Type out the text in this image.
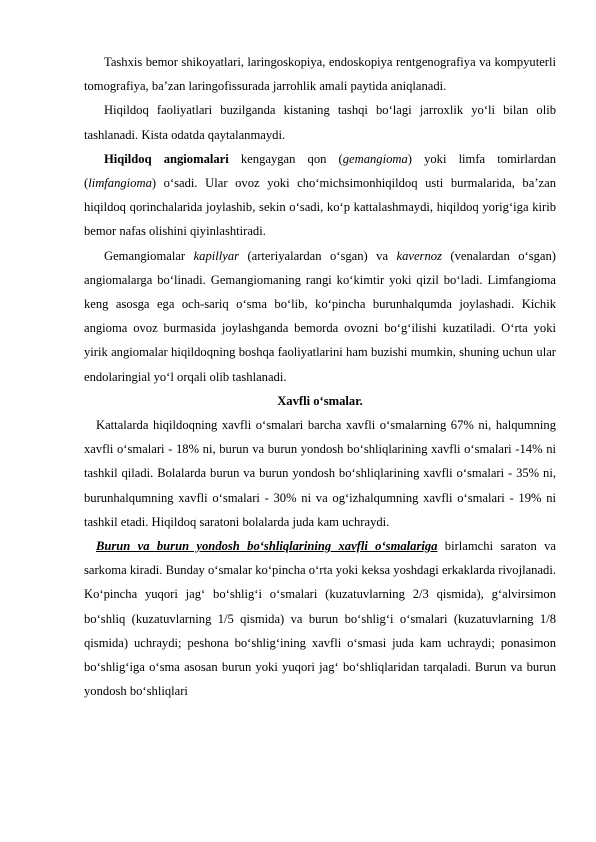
Tashxis bemor shikoyatlari, laringoskopiya, endoskopiya rentgenografiya va kompyuterli tomografiya, ba’zan laringofissurada jarrohlik amali paytida aniqlanadi.

Hiqildoq faoliyatlari buzilganda kistaning tashqi bo‘lagi jarroxlik yo‘li bilan olib tashlanadi. Kista odatda qaytalanmaydi.

Hiqildoq angiomalari kengaygan qon (gemangioma) yoki limfa tomirlardan (limfangioma) o‘sadi. Ular ovoz yoki cho‘michsimonhiqildoq usti burmalarida, ba’zan hiqildoq qorinchalarida joylashib, sekin o‘sadi, ko‘p kattalashmaydi, hiqildoq yorig‘iga kirib bemor nafas olishini qiyinlashtiradi.

Gemangiomalar kapillyar (arteriyalardan o‘sgan) va kavernoz (venalardan o‘sgan) angiomalarga bo‘linadi. Gemangiomaning rangi ko‘kimtir yoki qizil bo‘ladi. Limfangioma keng asosga ega och-sariq o‘sma bo‘lib, ko‘pincha burunhalqumda joylashadi. Kichik angioma ovoz burmasida joylashganda bemorda ovozni bo‘g‘ilishi kuzatiladi. O‘rta yoki yirik angiomalar hiqildoqning boshqa faoliyatlarini ham buzishi mumkin, shuning uchun ular endolaringial yo‘l orqali olib tashlanadi.

Xavfli o‘smalar.

Kattalarda hiqildoqning xavfli o‘smalari barcha xavfli o‘smalarning 67% ni, halqumning xavfli o‘smalari - 18% ni, burun va burun yondosh bo‘shliqlarining xavfli o‘smalari -14% ni tashkil qiladi. Bolalarda burun va burun yondosh bo‘shliqlarining xavfli o‘smalari - 35% ni, burunhalqumning xavfli o‘smalari - 30% ni va og‘izhalqumning xavfli o‘smalari - 19% ni tashkil etadi. Hiqildoq saratoni bolalarda juda kam uchraydi.

Burun va burun yondosh bo‘shliqlarining xavfli o‘smalariga birlamchi saraton va sarkoma kiradi. Bunday o‘smalar ko‘pincha o‘rta yoki keksa yoshdagi erkaklarda rivojlanadi. Ko‘pincha yuqori jag‘ bo‘shlig‘i o‘smalari (kuzatuvlarning 2/3 qismida), g‘alvirsimon bo‘shliq (kuzatuvlarning 1/5 qismida) va burun bo‘shlig‘i o‘smalari (kuzatuvlarning 1/8 qismida) uchraydi; peshona bo‘shlig‘ining xavfli o‘smasi juda kam uchraydi; ponasimon bo‘shlig‘iga o‘sma asosan burun yoki yuqori jag‘ bo‘shliqlaridan tarqaladi. Burun va burun yondosh bo‘shliqlari
